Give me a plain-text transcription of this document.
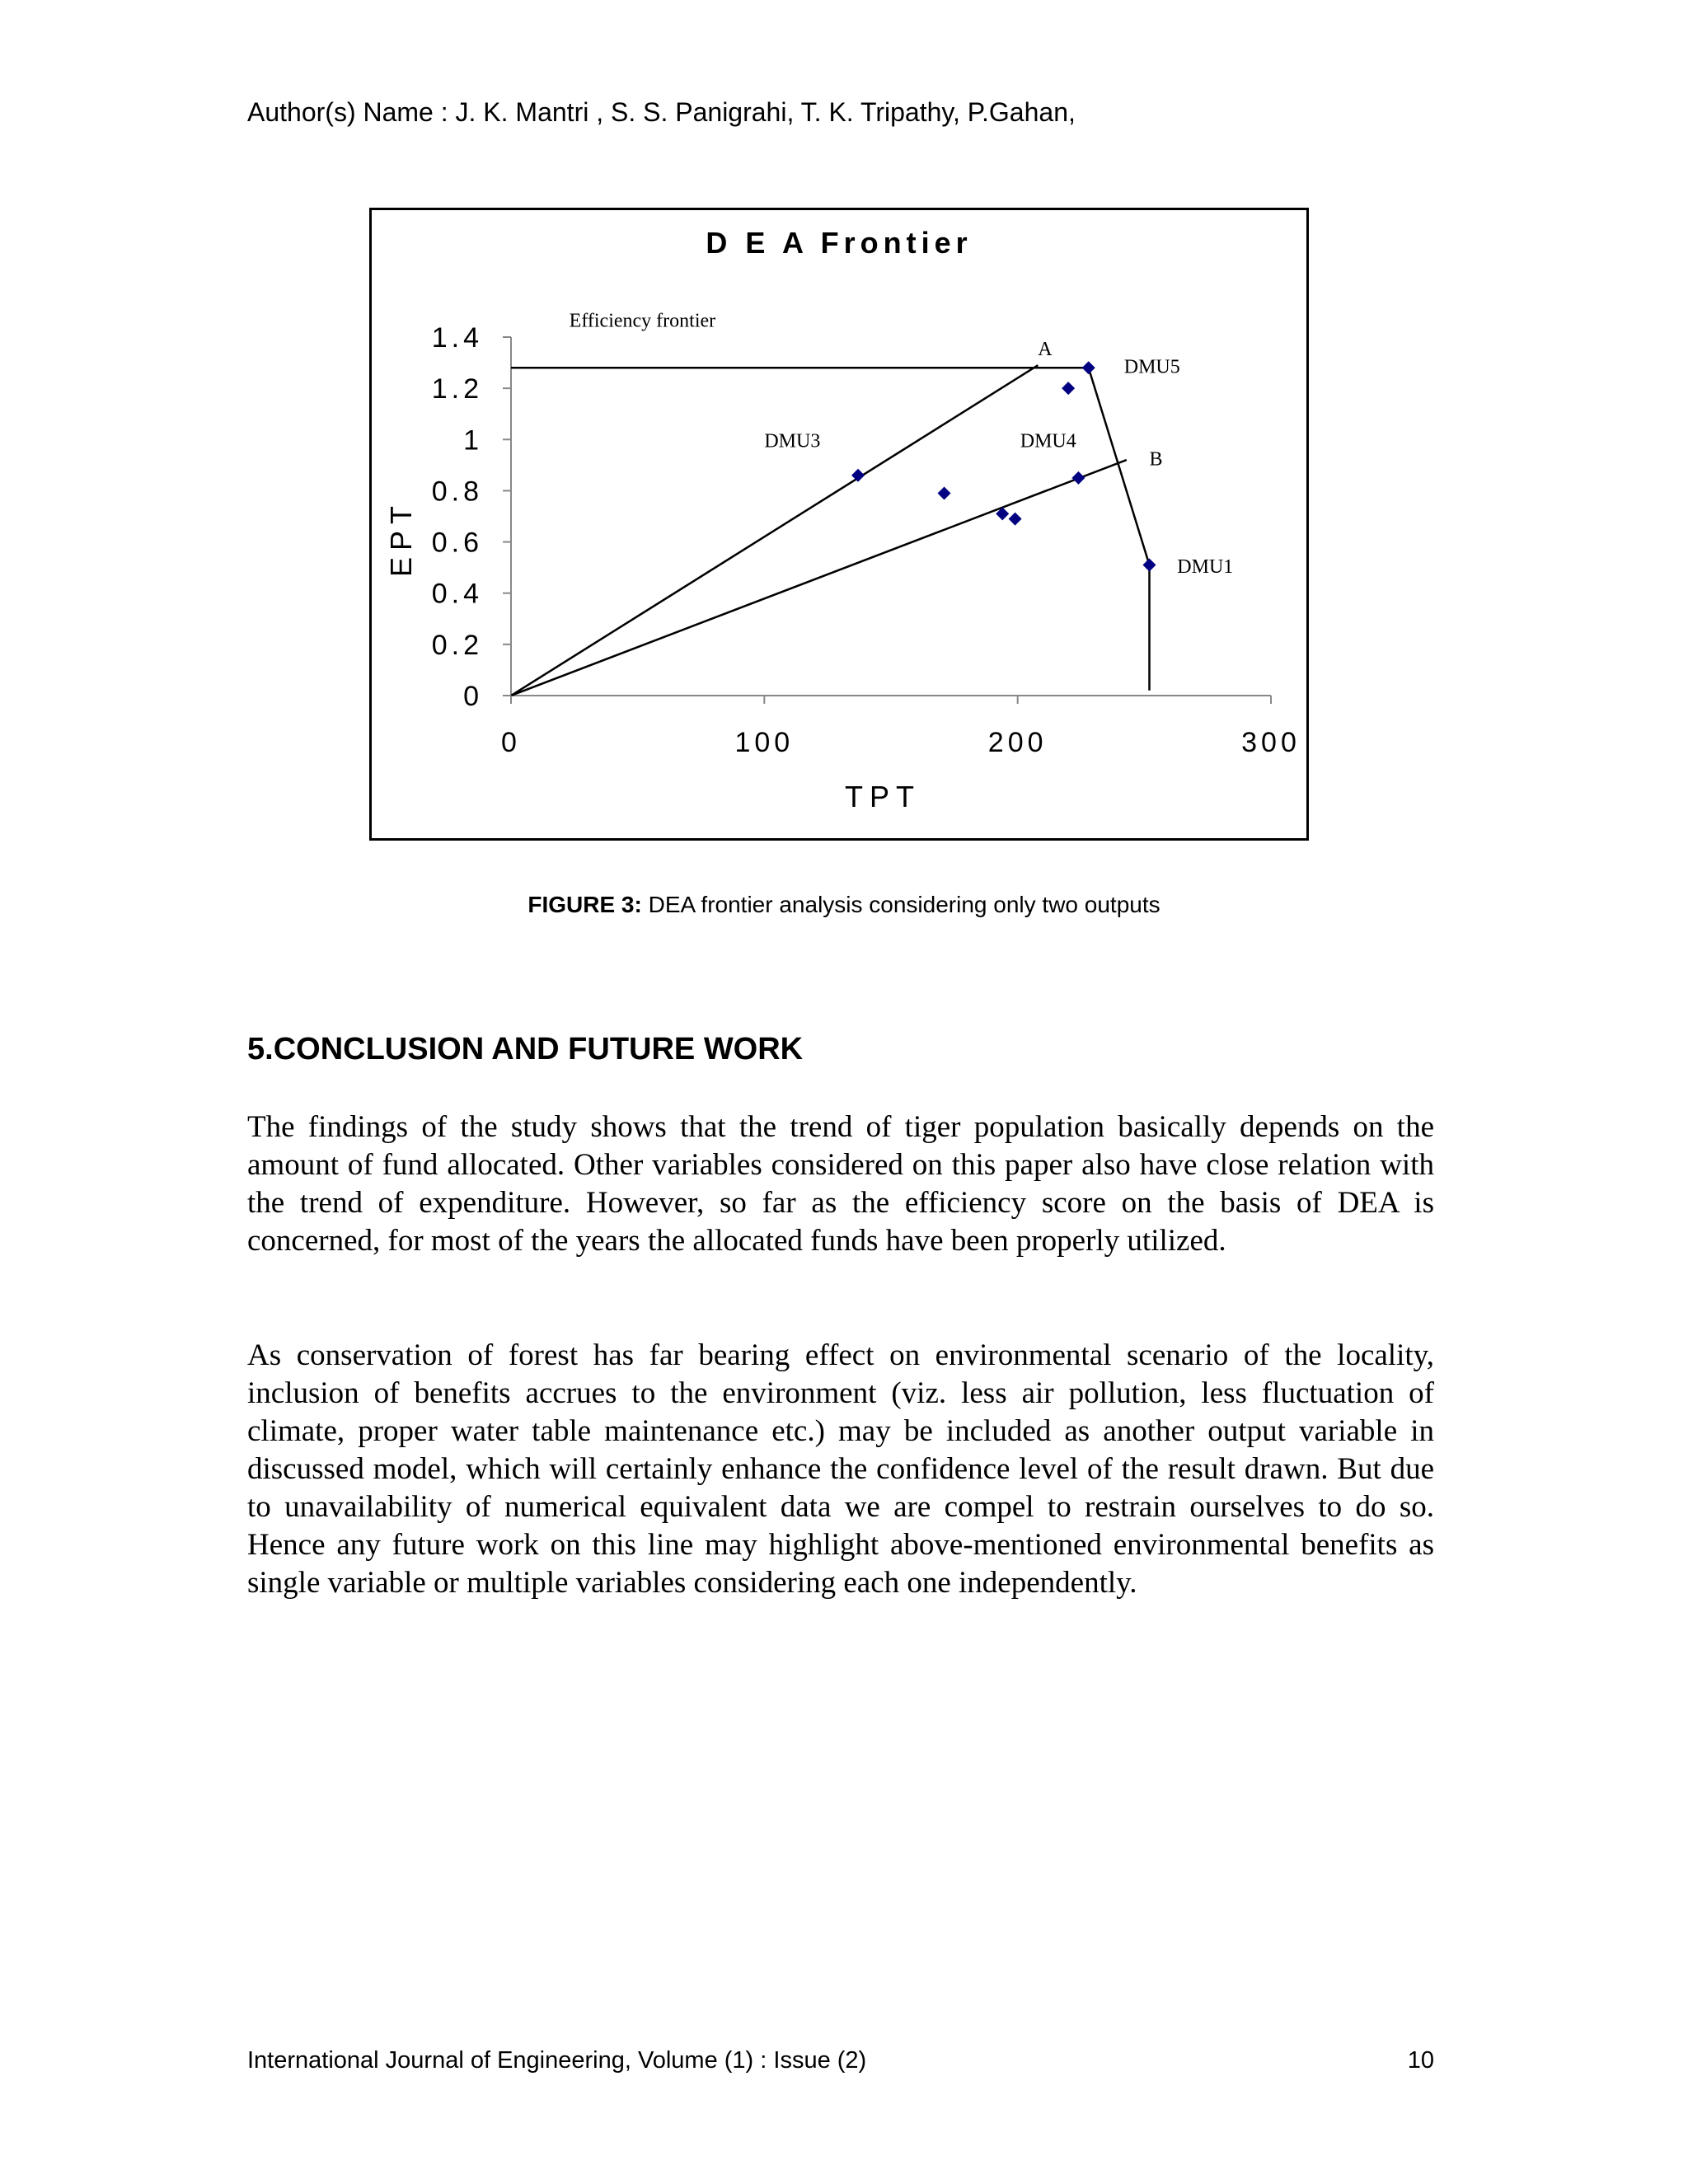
Author(s) Name : J. K. Mantri , S. S. Panigrahi, T. K. Tripathy, P.Gahan,
D E A Frontier
EPT
TPT
0
0.2
0.4
0.6
0.8
1
1.2
1.4
0	100	200	300
Efficiency frontier
A
DMU5
DMU3	DMU4
B
DMU1
FIGURE 3: DEA frontier analysis considering only two outputs
5.CONCLUSION AND FUTURE WORK
The findings of the study shows that the trend of tiger population basically depends on the amount of fund allocated. Other variables considered on this paper also have close relation with the trend of expenditure. However, so far as the efficiency score on the basis of DEA is concerned, for most of the years the allocated funds have been properly utilized.
As conservation of forest has far bearing effect on environmental scenario of the locality, inclusion of benefits accrues to the environment (viz. less air pollution, less fluctuation of climate, proper water table maintenance etc.) may be included as another output variable in discussed model, which will certainly enhance the confidence level of the result drawn. But due to unavailability of numerical equivalent data we are compel to restrain ourselves to do so. Hence any future work on this line may highlight above-mentioned environmental benefits as single variable or multiple variables considering each one independently.
International Journal of Engineering, Volume (1) : Issue (2)	10
